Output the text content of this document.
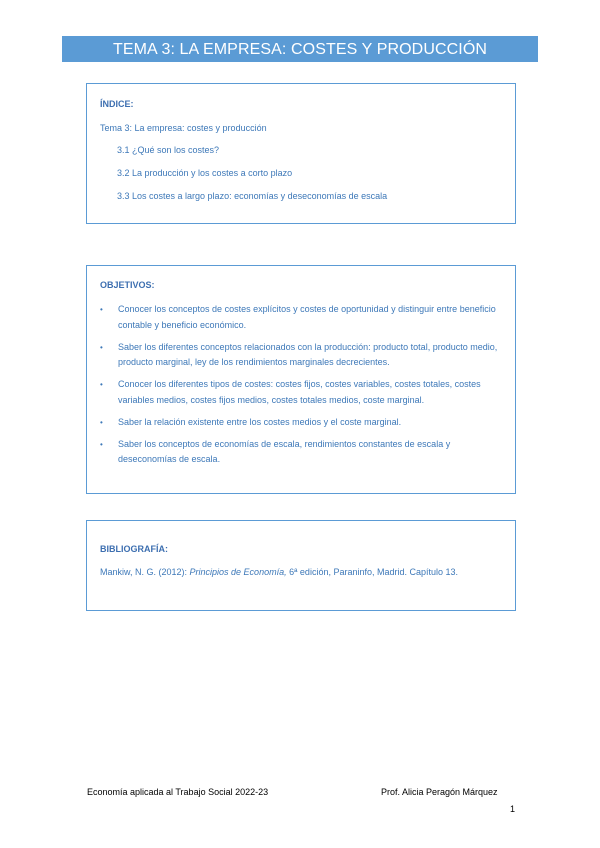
TEMA 3: LA EMPRESA: COSTES Y PRODUCCIÓN
ÍNDICE:
Tema 3: La empresa: costes y producción
3.1 ¿Qué son los costes?
3.2 La producción y los costes a corto plazo
3.3 Los costes a largo plazo: economías y deseconomías de escala
OBJETIVOS:
• Conocer los conceptos de costes explícitos y costes de oportunidad y distinguir entre beneficio contable y beneficio económico.
• Saber los diferentes conceptos relacionados con la producción: producto total, producto medio, producto marginal, ley de los rendimientos marginales decrecientes.
• Conocer los diferentes tipos de costes: costes fijos, costes variables, costes totales, costes variables medios, costes fijos medios, costes totales medios, coste marginal.
• Saber la relación existente entre los costes medios y el coste marginal.
• Saber los conceptos de economías de escala, rendimientos constantes de escala y deseconomías de escala.
BIBLIOGRAFÍA:
Mankiw, N. G. (2012): Principios de Economía, 6ª edición, Paraninfo, Madrid. Capítulo 13.
Economía aplicada al Trabajo Social 2022-23	Prof. Alicia Peragón Márquez
1
